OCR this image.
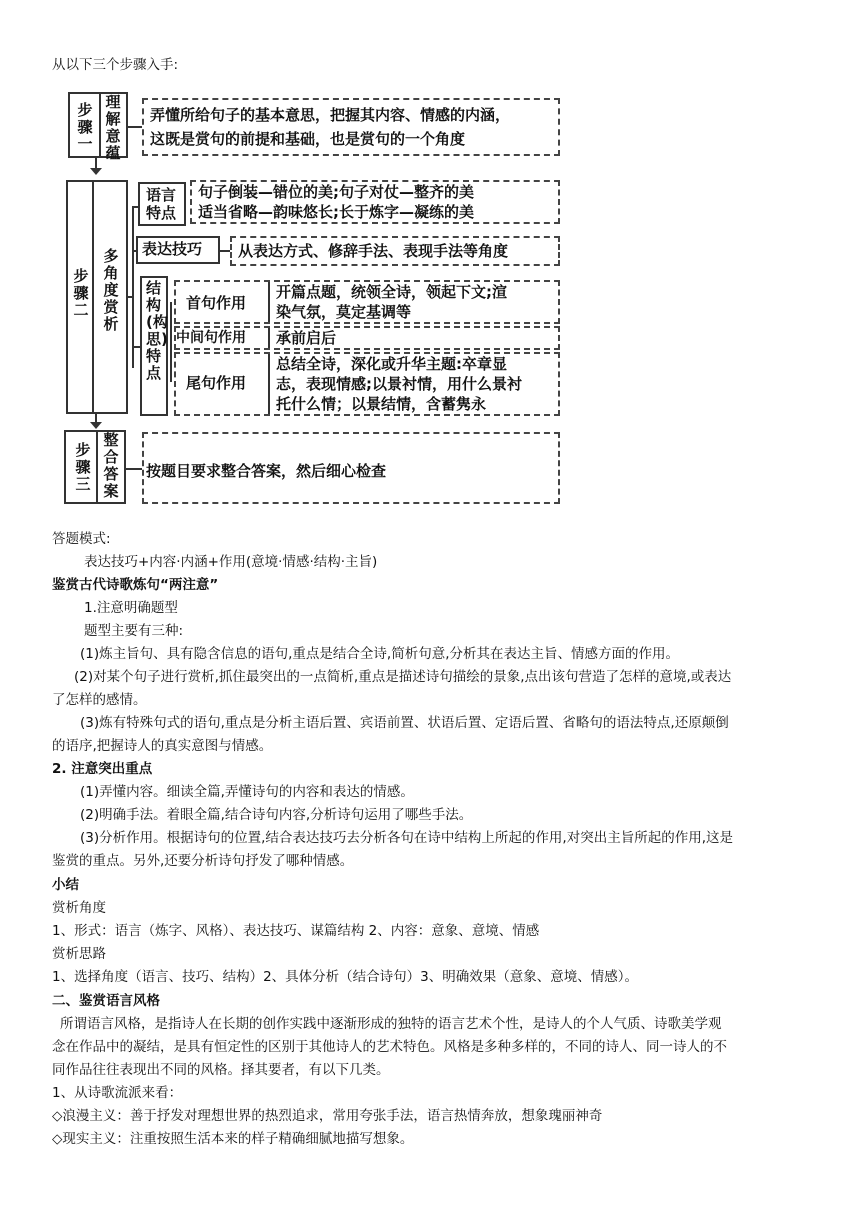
从以下三个步骤入手:
步骤一
理解意蕴
弄懂所给句子的基本意思，把握其内容、情感的内涵，
这既是赏句的前提和基础，也是赏句的一个角度
步骤二
多角度赏析
语言特点
句子倒装—错位的美;句子对仗—整齐的美
适当省略—韵味悠长;长于炼字—凝练的美
表达技巧 从表达方式、修辞手法、表现手法等角度
结构(构思)特点
首句作用
开篇点题，统领全诗，领起下文;渲
染气氛，莫定基调等
中间句作用 承前启后
尾句作用
总结全诗，深化或升华主题:卒章显
志，表现情感;以景衬情，用什么景衬
托什么情；以景结情，含蓄隽永
步骤三
整合答案
按题目要求整合答案，然后细心检查
答题模式:
表达技巧+内容·内涵+作用(意境·情感·结构·主旨)
鉴赏古代诗歌炼句“两注意”
1.注意明确题型
题型主要有三种:
(1)炼主旨句、具有隐含信息的语句,重点是结合全诗,简析句意,分析其在表达主旨、情感方面的作用。
(2)对某个句子进行赏析,抓住最突出的一点简析,重点是描述诗句描绘的景象,点出该句营造了怎样的意境,或表达
了怎样的感情。
(3)炼有特殊句式的语句,重点是分析主语后置、宾语前置、状语后置、定语后置、省略句的语法特点,还原颠倒
的语序,把握诗人的真实意图与情感。
2. 注意突出重点
(1)弄懂内容。细读全篇,弄懂诗句的内容和表达的情感。
(2)明确手法。着眼全篇,结合诗句内容,分析诗句运用了哪些手法。
(3)分析作用。根据诗句的位置,结合表达技巧去分析各句在诗中结构上所起的作用,对突出主旨所起的作用,这是
鉴赏的重点。另外,还要分析诗句抒发了哪种情感。
小结
赏析角度
1、形式：语言（炼字、风格）、表达技巧、谋篇结构 2、内容：意象、意境、情感
赏析思路
1、选择角度（语言、技巧、结构）2、具体分析（结合诗句）3、明确效果（意象、意境、情感）。
二、鉴赏语言风格
所谓语言风格，是指诗人在长期的创作实践中逐渐形成的独特的语言艺术个性，是诗人的个人气质、诗歌美学观
念在作品中的凝结，是具有恒定性的区别于其他诗人的艺术特色。风格是多种多样的，不同的诗人、同一诗人的不
同作品往往表现出不同的风格。择其要者，有以下几类。
1、从诗歌流派来看：
◇浪漫主义：善于抒发对理想世界的热烈追求，常用夸张手法，语言热情奔放，想象瑰丽神奇
◇现实主义：注重按照生活本来的样子精确细腻地描写想象。
